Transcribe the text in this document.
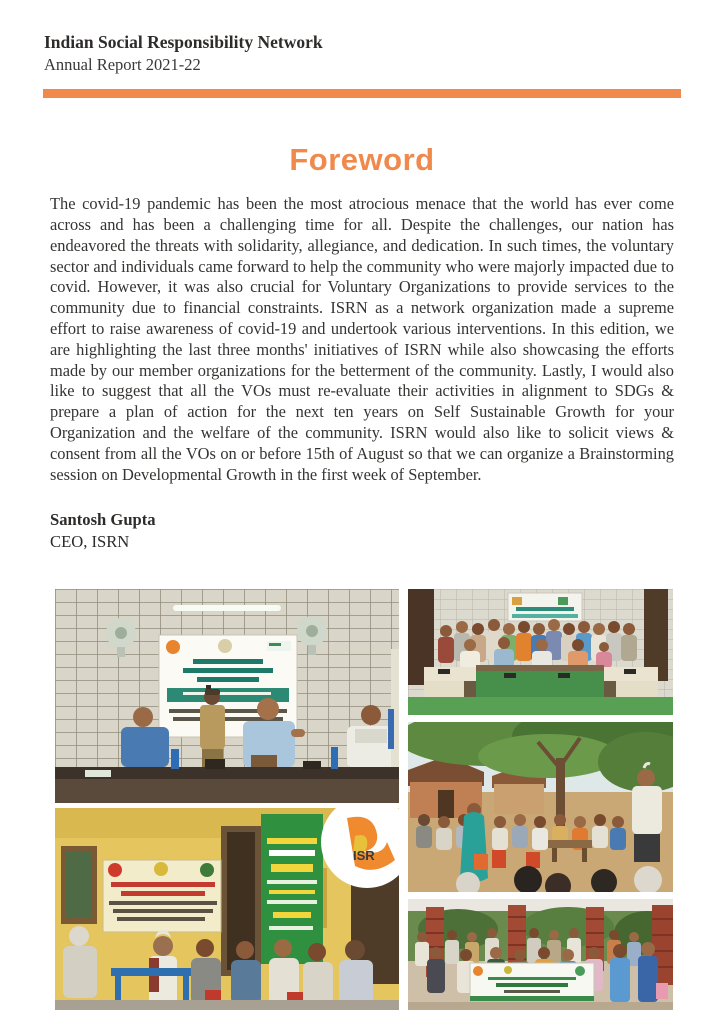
Indian Social Responsibility Network
Annual Report 2021-22
Foreword
The covid-19 pandemic has been the most atrocious menace that the world has ever come across and has been a challenging time for all. Despite the challenges, our nation has endeavored the threats with solidarity, allegiance, and dedication. In such times, the voluntary sector and individuals came forward to help the community who were majorly impacted due to covid. However, it was also crucial for Voluntary Organizations to provide services to the community due to financial constraints. ISRN as a network organization made a supreme effort to raise awareness of covid-19 and undertook various interventions. In this edition, we are highlighting the last three months' initiatives of ISRN while also showcasing the efforts made by our member organizations for the betterment of the community. Lastly, I would also like to suggest that all the VOs must re-evaluate their activities in alignment to SDGs & prepare a plan of action for the next ten years on Self Sustainable Growth for your Organization and the welfare of the community. ISRN would also like to solicit views & consent from all the VOs on or before 15th of August so that we can organize a Brainstorming session on Developmental Growth in the first week of September.
Santosh Gupta
CEO, ISRN
ISR
